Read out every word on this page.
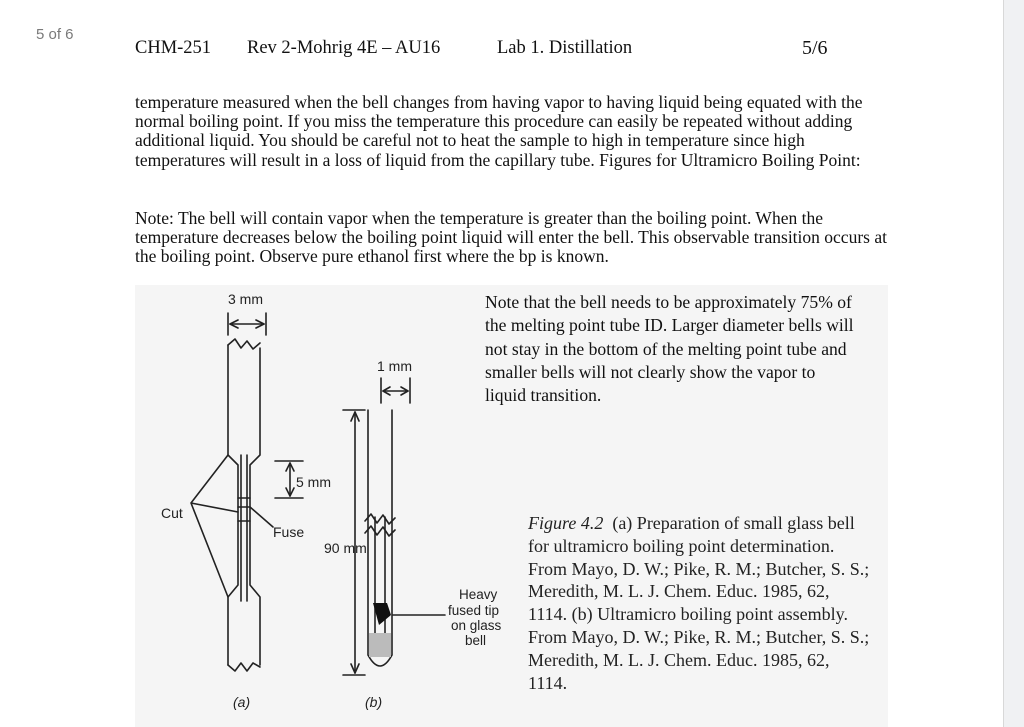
5 of 6
CHM-251 Rev 2-Mohrig 4E – AU16	Lab 1. Distillation	5/6

temperature measured when the bell changes from having vapor to having liquid being equated with the normal boiling point. If you miss the temperature this procedure can easily be repeated without adding additional liquid. You should be careful not to heat the sample to high in temperature since high temperatures will result in a loss of liquid from the capillary tube. Figures for Ultramicro Boiling Point:

Note: The bell will contain vapor when the temperature is greater than the boiling point. When the temperature decreases below the boiling point liquid will enter the bell. This observable transition occurs at the boiling point. Observe pure ethanol first where the bp is known.

3 mm
1 mm
5 mm
Cut
Fuse
90 mm
Heavy
fused tip
on glass
bell
(a)	(b)

Note that the bell needs to be approximately 75% of the melting point tube ID. Larger diameter bells will not stay in the bottom of the melting point tube and smaller bells will not clearly show the vapor to liquid transition.

Figure 4.2 (a) Preparation of small glass bell for ultramicro boiling point determination. From Mayo, D. W.; Pike, R. M.; Butcher, S. S.; Meredith, M. L. J. Chem. Educ. 1985, 62, 1114. (b) Ultramicro boiling point assembly. From Mayo, D. W.; Pike, R. M.; Butcher, S. S.; Meredith, M. L. J. Chem. Educ. 1985, 62, 1114.
